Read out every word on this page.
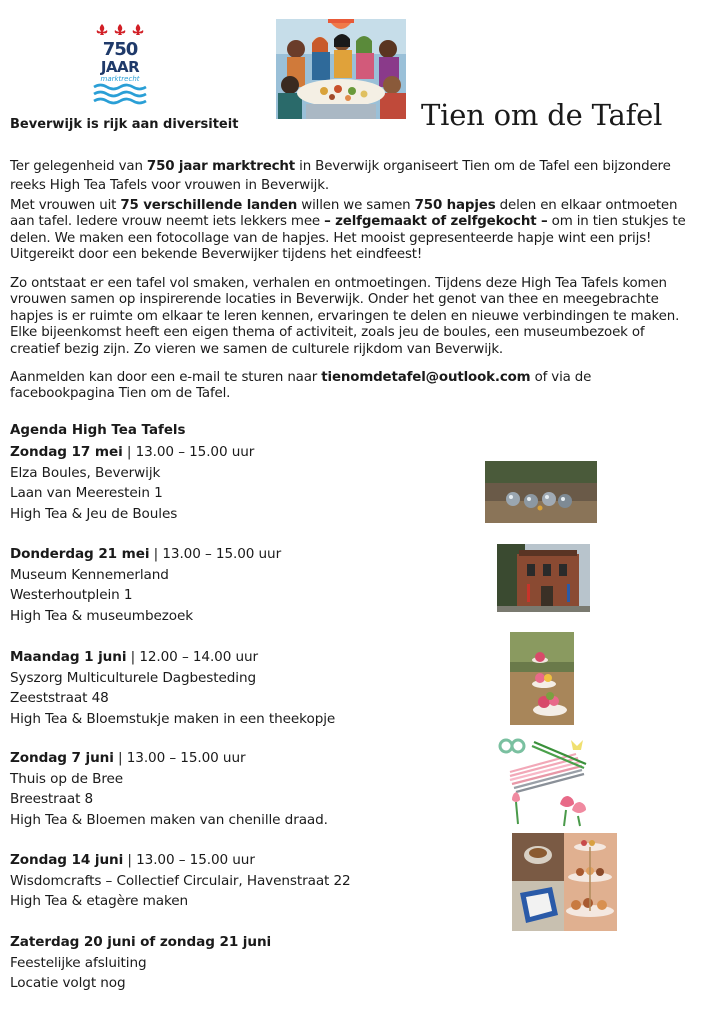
750
JAAR
marktrecht
Tien om de Tafel
Beverwijk is rijk aan diversiteit

Ter gelegenheid van 750 jaar marktrecht in Beverwijk organiseert Tien om de Tafel een bijzondere

reeks High Tea Tafels voor vrouwen in Beverwijk.

Met vrouwen uit 75 verschillende landen willen we samen 750 hapjes delen en elkaar ontmoeten

aan tafel. Iedere vrouw neemt iets lekkers mee – zelfgemaakt of zelfgekocht – om in tien stukjes te

delen. We maken een fotocollage van de hapjes. Het mooist gepresenteerde hapje wint een prijs!

Uitgereikt door een bekende Beverwijker tijdens het eindfeest!

Zo ontstaat er een tafel vol smaken, verhalen en ontmoetingen. Tijdens deze High Tea Tafels komen

vrouwen samen op inspirerende locaties in Beverwijk. Onder het genot van thee en meegebrachte

hapjes is er ruimte om elkaar te leren kennen, ervaringen te delen en nieuwe verbindingen te maken.

Elke bijeenkomst heeft een eigen thema of activiteit, zoals jeu de boules, een museumbezoek of

creatief bezig zijn. Zo vieren we samen de culturele rijkdom van Beverwijk.

Aanmelden kan door een e-mail te sturen naar tienomdetafel@outlook.com of via de

facebookpagina Tien om de Tafel.

Agenda High Tea Tafels
Zondag 17 mei | 13.00 – 15.00 uur
Elza Boules, Beverwijk
Laan van Meerestein 1
High Tea & Jeu de Boules
Donderdag 21 mei | 13.00 – 15.00 uur
Museum Kennemerland
Westerhoutplein 1
High Tea & museumbezoek
Maandag 1 juni | 12.00 – 14.00 uur
Syszorg Multiculturele Dagbesteding
Zeeststraat 48
High Tea & Bloemstukje maken in een theekopje
Zondag 7 juni | 13.00 – 15.00 uur
Thuis op de Bree
Breestraat 8
High Tea & Bloemen maken van chenille draad.
Zondag 14 juni | 13.00 – 15.00 uur
Wisdomcrafts – Collectief Circulair, Havenstraat 22
High Tea & etagère maken
Zaterdag 20 juni of zondag 21 juni
Feestelijke afsluiting
Locatie volgt nog
